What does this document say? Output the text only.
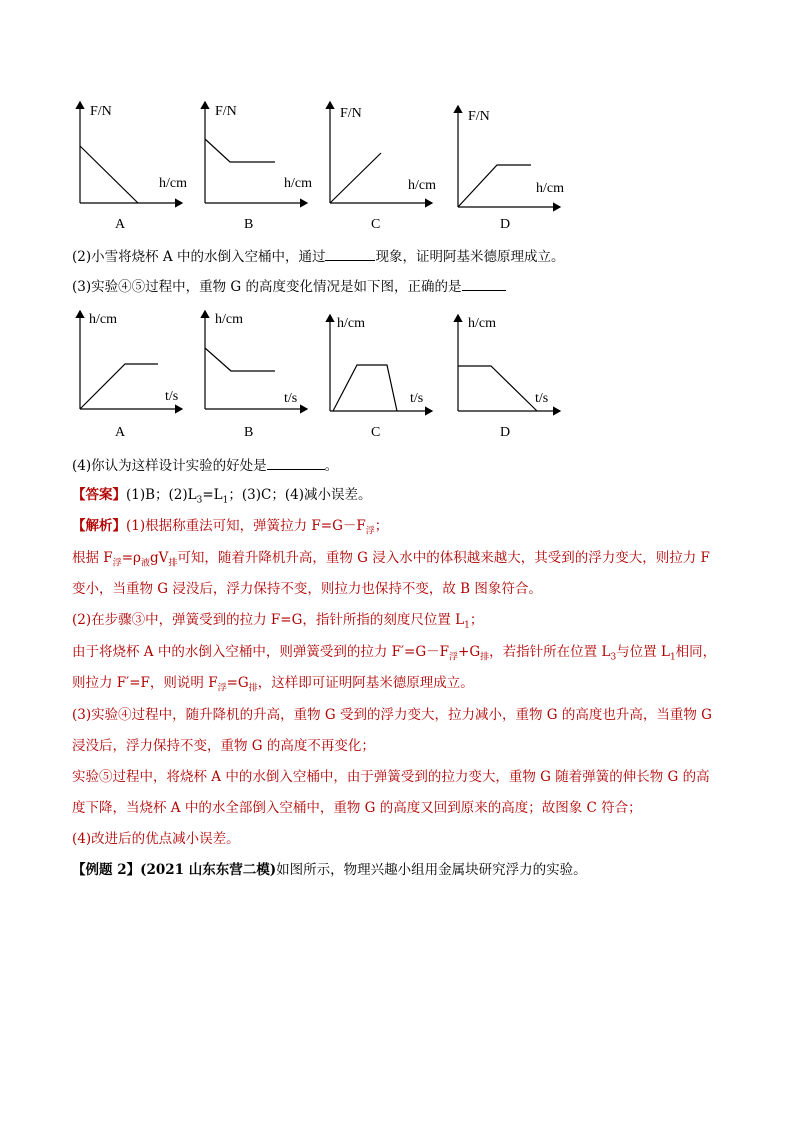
F/N
h/cm
F/N
h/cm
F/N
h/cm
F/N
h/cm
A	B	C	D
(2)小雪将烧杯 A 中的水倒入空桶中，通过	现象，证明阿基米德原理成立。
(3)实验④⑤过程中，重物 G 的高度变化情况是如下图，正确的是
h/cm
t/s
h/cm
t/s
h/cm
t/s
h/cm
t/s
A	B	C	D
(4)你认为这样设计实验的好处是	。
【答案】(1)B；$(2)L_3=L_1$；(3)C；(4)减小误差。
【解析】(1)根据称重法可知，弹簧拉力 $F=G-F_浮$；
根据 $F_浮=\rho_液gV_排$可知，随着升降机升高，重物 G 浸入水中的体积越来越大，其受到的浮力变大，则拉力 F
变小，当重物 G 浸没后，浮力保持不变，则拉力也保持不变，故 B 图象符合。
(2)在步骤③中，弹簧受到的拉力 F=G，指针所指的刻度尺位置 $L_1$；
由于将烧杯 A 中的水倒入空桶中，则弹簧受到的拉力 $F'=G-F_浮+G_排$，若指针所在位置 $L_3$与位置 $L_1$相同，
则拉力 F′=F，则说明 $F_浮=G_排$，这样即可证明阿基米德原理成立。
(3)实验④过程中，随升降机的升高，重物 G 受到的浮力变大，拉力减小，重物 G 的高度也升高，当重物 G
浸没后，浮力保持不变，重物 G 的高度不再变化；
实验⑤过程中，将烧杯 A 中的水倒入空桶中，由于弹簧受到的拉力变大，重物 G 随着弹簧的伸长物 G 的高
度下降，当烧杯 A 中的水全部倒入空桶中，重物 G 的高度又回到原来的高度；故图象 C 符合；
(4)改进后的优点减小误差。
【例题 2】(2021 山东东营二模)如图所示，物理兴趣小组用金属块研究浮力的实验。
